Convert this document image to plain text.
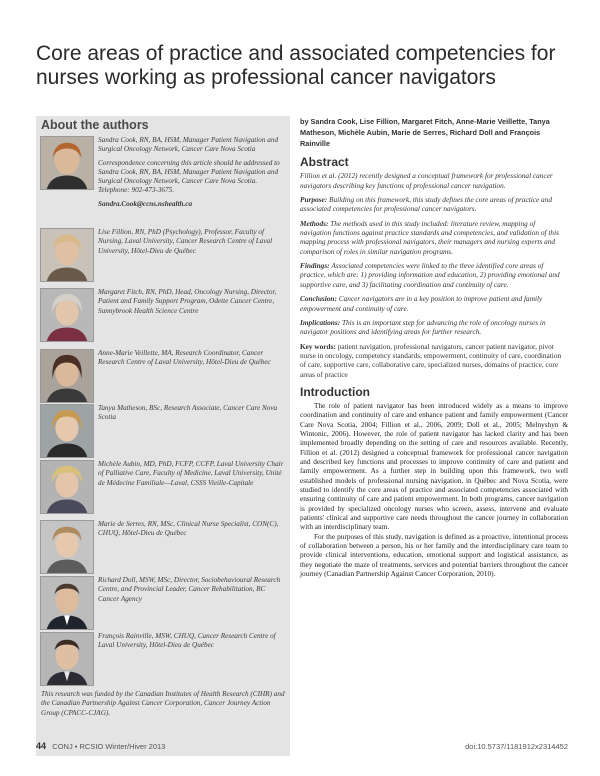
Core areas of practice and associated competencies for nurses working as professional cancer navigators
About the authors

Sandra Cook, RN, BA, HSM, Manager Patient Navigation and Surgical Oncology Network, Cancer Care Nova Scotia

Correspondence concerning this article should be addressed to Sandra Cook, RN, BA, HSM, Manager Patient Navigation and Surgical Oncology Network, Cancer Care Nova Scotia. Telephone: 902-473-3675.

Sandra.Cook@ccns.nshealth.ca

Lise Fillion, RN, PhD (Psychology), Professor, Faculty of Nursing, Laval University, Cancer Research Centre of Laval University, Hôtel-Dieu de Québec

Margaret Fitch, RN, PhD, Head, Oncology Nursing, Director, Patient and Family Support Program, Odette Cancer Centre, Sunnybrook Health Science Centre

Anne-Marie Veillette, MA, Research Coordinator, Cancer Research Centre of Laval University, Hôtel-Dieu de Québec

Tanya Matheson, BSc, Research Associate, Cancer Care Nova Scotia

Michèle Aubin, MD, PhD, FCFP, CCFP, Laval University Chair of Palliative Care, Faculty of Medicine, Laval University, Unité de Médecine Familiale—Laval, CSSS Vieille-Capitale

Marie de Serres, RN, MSc, Clinical Nurse Specialist, CON(C), CHUQ, Hôtel-Dieu de Québec

Richard Doll, MSW, MSc, Director, Sociobehavioural Research Centre, and Provincial Leader, Cancer Rehabilitation, BC Cancer Agency

François Rainville, MSW, CHUQ, Cancer Research Centre of Laval University, Hôtel-Dieu de Québec

This research was funded by the Canadian Institutes of Health Research (CIHR) and the Canadian Partnership Against Cancer Corporation, Cancer Journey Action Group (CPACC-CJAG).
by Sandra Cook, Lise Fillion, Margaret Fitch, Anne-Marie Veillette, Tanya Matheson, Michèle Aubin, Marie de Serres, Richard Doll and François Rainville
Abstract

Fillion et al. (2012) recently designed a conceptual framework for professional cancer navigators describing key functions of professional cancer navigation.

Purpose: Building on this framework, this study defines the core areas of practice and associated competencies for professional cancer navigators.

Methods: The methods used in this study included: literature review, mapping of navigation functions against practice standards and competencies, and validation of this mapping process with professional navigators, their managers and nursing experts and comparison of roles in similar navigation programs.

Findings: Associated competencies were linked to the three identified core areas of practice, which are: 1) providing information and education, 2) providing emotional and supportive care, and 3) facilitating coordination and continuity of care.

Conclusion: Cancer navigators are in a key position to improve patient and family empowerment and continuity of care.

Implications: This is an important step for advancing the role of oncology nurses in navigator positions and identifying areas for further research.

Key words: patient navigation, professional navigators, cancer patient navigator, pivot nurse in oncology, competency standards, empowerment, continuity of care, coordination of care, supportive care, collaborative care, specialized nurses, domains of practice, core areas of practice
Introduction

The role of patient navigator has been introduced widely as a means to improve coordination and continuity of care and enhance patient and family empowerment (Cancer Care Nova Scotia, 2004; Fillion et al., 2006, 2009; Doll et al., 2005; Melnyshyn & Wintonic, 2006). However, the role of patient navigator has lacked clarity and has been implemented broadly depending on the setting of care and resources available. Recently, Fillion et al. (2012) designed a conceptual framework for professional cancer navigation and described key functions and processes to improve continuity of care and patient and family empowerment. As a further step in building upon this framework, two well established models of professional nursing navigation, in Québec and Nova Scotia, were studied to identify the core areas of practice and associated competencies associated with ensuring continuity of care and patient empowerment. In both programs, cancer navigation is provided by specialized oncology nurses who screen, assess, intervene and evaluate patients' clinical and supportive care needs throughout the cancer journey in collaboration with an interdisciplinary team.

For the purposes of this study, navigation is defined as a proactive, intentional process of collaboration between a person, his or her family and the interdisciplinary care team to provide clinical interventions, education, emotional support and logistical assistance, as they negotiate the maze of treatments, services and potential barriers throughout the cancer journey (Canadian Partnership Against Cancer Corporation, 2010).

44 CONJ • RCSIO Winter/Hiver 2013	doi:10.5737/1181912x2314452
